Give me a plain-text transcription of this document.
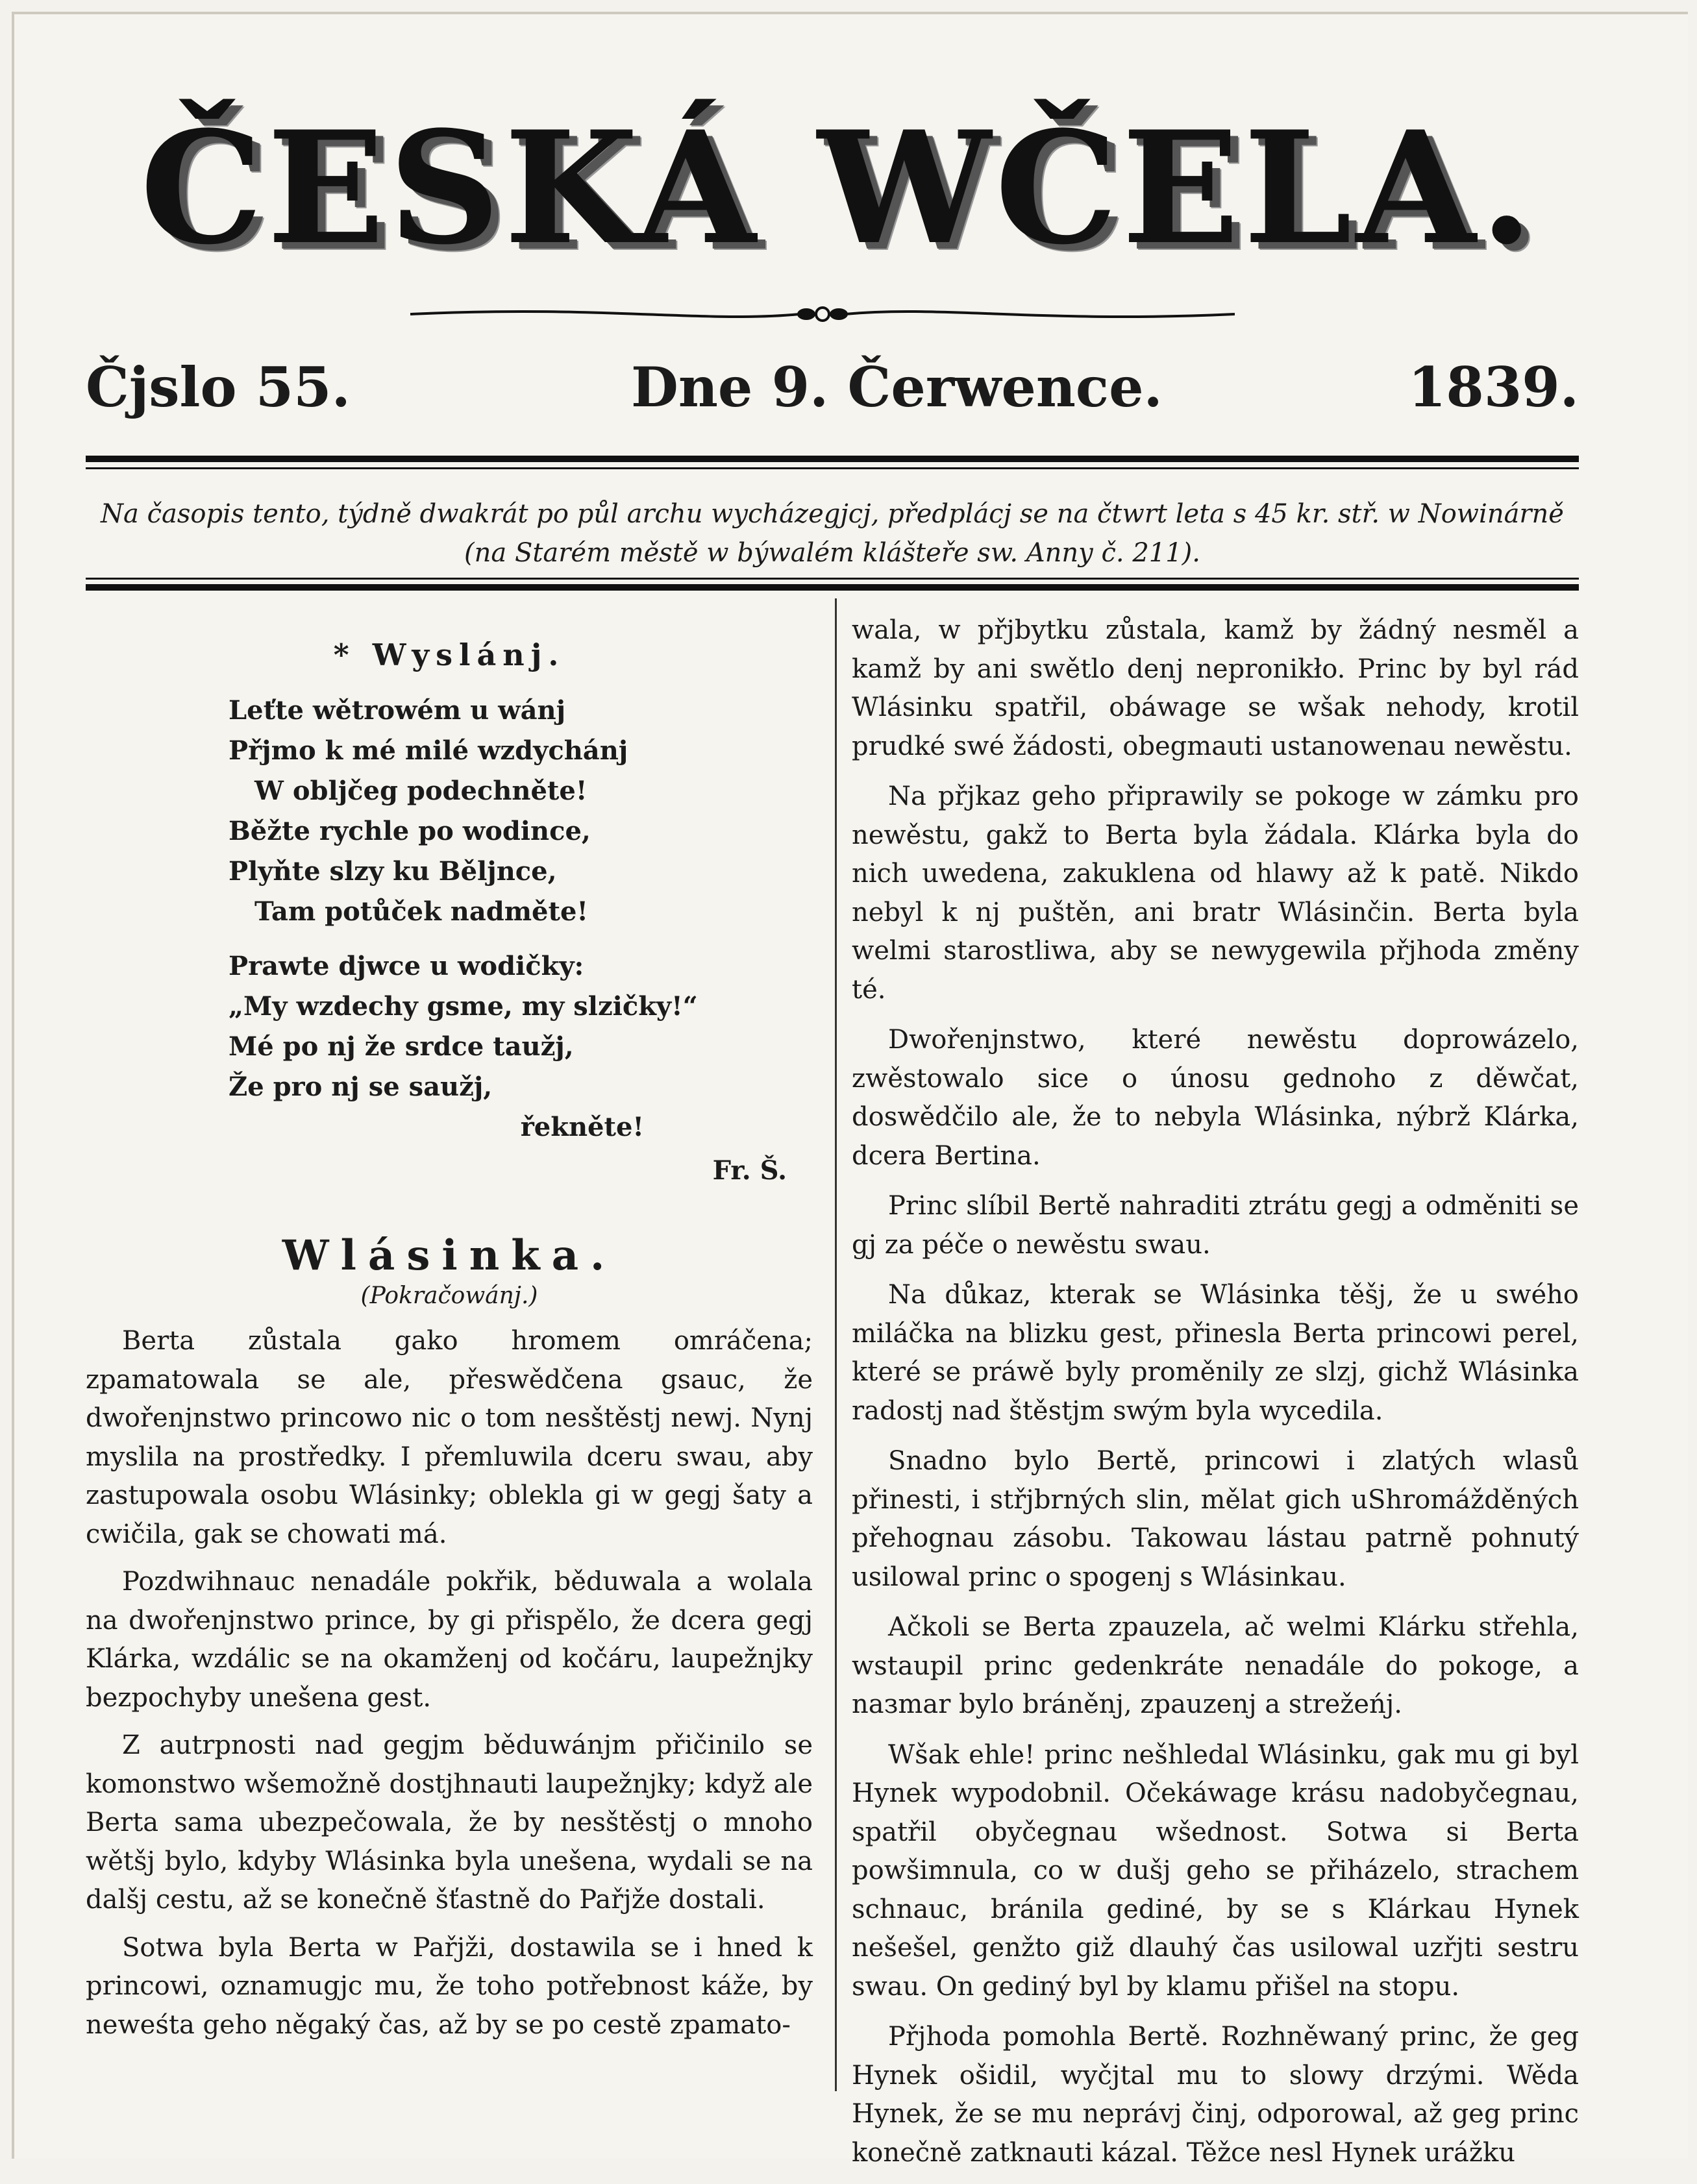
ČESKÁ WČELA.
Čjslo 55.	Dne 9. Čerwence.	1839.
Na časopis tento, týdně dwakrát po půl archu wycházegjcj, předplácj se na čtwrt leta s 45 kr. stř. w Nowinárně (na Starém městě w býwalém klášteře sw. Anny č. 211).
* Wyslánj.
Leťte wětrowém u wánj
Přjmo k mé milé wzdychánj
W obljčeg podechněte!
Běžte rychle po wodince,
Plyňte slzy ku Běljnce,
Tam potůček nadměte!
Prawte djwce u wodičky:
„My wzdechy gsme, my slzičky!“
Mé po nj že srdce taužj,
Že pro nj se saužj,
řekněte!
Fr. Š.
Wlásinka.
(Pokračowánj.)

Berta zůstala gako hromem omráčena; zpamatowala se ale, přeswědčena gsauc, že dwořenjnstwo princowo nic o tom nesštěstj newj. Nynj myslila na prostředky. I přemluwila dceru swau, aby zastupowala osobu Wlásinky; oblekla gi w gegj šaty a cwičila, gak se chowati má.

Pozdwihnauc nenadále pokřik, běduwala a wolala na dwořenjnstwo prince, by gi přispělo, že dcera gegj Klárka, wzdálic se na okamženj od kočáru, laupežnjky bezpochyby unešena gest.

Z autrpnosti nad gegjm běduwánjm přičinilo se komonstwo wšemožně dostjhnauti laupežnjky; když ale Berta sama ubezpečowala, že by nesštěstj o mnoho wětšj bylo, kdyby Wlásinka byla unešena, wydali se na dalšj cestu, až se konečně šťastně do Pařjže dostali.

Sotwa byla Berta w Pařjži, dostawila se i hned k princowi, oznamugjc mu, že toho potřebnost káže, by neweśta geho něgaký čas, až by se po cestě zpamato-

wala, w přjbytku zůstala, kamž by žádný nesměl a kamž by ani swětlo denj nepronikło. Princ by byl rád Wlásinku spatřil, obáwage se wšak nehody, krotil prudké swé žádosti, obegmauti ustanowenau newěstu.

Na přjkaz geho připrawily se pokoge w zámku pro newěstu, gakž to Berta byla žádala. Klárka byla do nich uwedena, zakuklena od hlawy až k patě. Nikdo nebyl k nj puštěn, ani bratr Wlásinčin. Berta byla welmi starostliwa, aby se newygewila přjhoda změny té.

Dwořenjnstwo, které newěstu doprowázelo, zwěstowalo sice o únosu gednoho z děwčat, doswědčilo ale, že to nebyla Wlásinka, nýbrž Klárka, dcera Bertina.

Princ slíbil Bertě nahraditi ztrátu gegj a odměniti se gj za péče o newěstu swau.

Na důkaz, kterak se Wlásinka těšj, že u swého miláčka na blizku gest, přinesla Berta princowi perel, které se práwě byly proměnily ze slzj, gichž Wlásinka radostj nad štěstjm swým byla wycedila.

Snadno bylo Bertě, princowi i zlatých wlasů přinesti, i střjbrných slin, mělat gich uShromážděných přehognau zásobu. Takowau lástau patrně pohnutý usilowal princ o spogenj s Wlásinkau.

Ačkoli se Berta zpauzela, ač welmi Klárku střehla, wstaupil princ gedenkráte nenadále do pokoge, a naзmar bylo bráněnj, zpauzenj a strežeńj.

Wšak ehle! princ nešhledal Wlásinku, gak mu gi byl Hynek wypodobnil. Očekáwage krásu nadobyčegnau, spatřil obyčegnau wšednost. Sotwa si Berta powšimnula, co w dušj geho se přiházelo, strachem schnauc, bránila gediné, by se s Klárkau Hynek nešešel, genžto giž dlauhý čas usilowal uzřjti sestru swau. On gediný byl by klamu přišel na stopu.

Přjhoda pomohla Bertě. Rozhněwaný princ, že geg Hynek ošidil, wyčjtal mu to slowy drzými. Wěda Hynek, že se mu neprávj činj, odporowal, až geg princ konečně zatknauti kázal. Těžce nesl Hynek urážku
